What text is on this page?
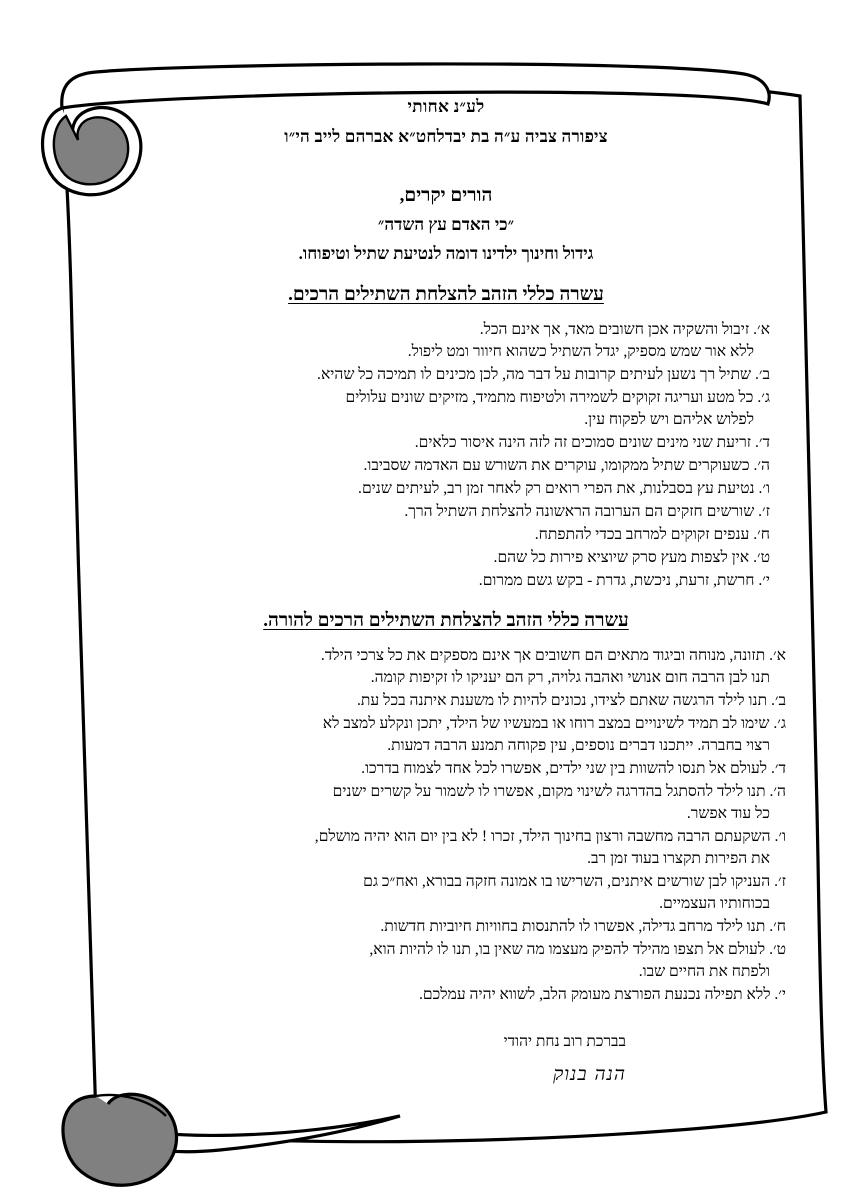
לע״נ אחותי
ציפורה צביה ע״ה בת יבדלחט״א אברהם לייב הי״ו
הורים יקרים,
״כי האדם עץ השדה״
גידול וחינוך ילדינו דומה לנטיעת שתיל וטיפוחו.
עשרה כללי הזהב להצלחת השתילים הרכים.
א׳. זיבול והשקיה אכן חשובים מאד, אך אינם הכל.
ללא אור שמש מספיק, יגדל השתיל כשהוא חיוור ומט ליפול.
ב׳. שתיל רך נשען לעיתים קרובות על דבר מה, לכן מכינים לו תמיכה כל שהיא.
ג׳. כל מטע ועריגה זקוקים לשמירה ולטיפוח מתמיד, מזיקים שונים עלולים
לפלוש אליהם ויש לפקוח עין.
ד׳. זריעת שני מינים שונים סמוכים זה לזה הינה איסור כלאים.
ה׳. כשעוקרים שתיל ממקומו, עוקרים את השורש עם האדמה שסביבו.
ו׳. נטיעת עץ בסבלנות, את הפרי רואים רק לאחר זמן רב, לעיתים שנים.
ז׳. שורשים חזקים הם הערובה הראשונה להצלחת השתיל הרך.
ח׳. ענפים זקוקים למרחב בכדי להתפתח.
ט׳. אין לצפות מעץ סרק שיוציא פירות כל שהם.
י׳. חרשת, זרעת, ניכשת, גדרת - בקש גשם ממרום.
עשרה כללי הזהב להצלחת השתילים הרכים להורה.
א׳. תזונה, מנוחה וביגוד מתאים הם חשובים אך אינם מספקים את כל צרכי הילד.
תנו לבן הרבה חום אנושי ואהבה גלויה, רק הם יעניקו לו זקיפות קומה.
ב׳. תנו לילד הרגשה שאתם לצידו, נכונים להיות לו משענת איתנה בכל עת.
ג׳. שימו לב תמיד לשינויים במצב רוחו או במעשיו של הילד, יתכן ונקלע למצב לא
רצוי בחברה. ייתכנו דברים נוספים, עין פקוחה תמנע הרבה דמעות.
ד׳. לעולם אל תנסו להשוות בין שני ילדים, אפשרו לכל אחד לצמוח בדרכו.
ה׳. תנו לילד להסתגל בהדרגה לשינוי מקום, אפשרו לו לשמור על קשרים ישנים
כל עוד אפשר.
ו׳. השקעתם הרבה מחשבה ורצון בחינוך הילד, זכרו ! לא בין יום הוא יהיה מושלם,
את הפירות תקצרו בעוד זמן רב.
ז׳. העניקו לבן שורשים איתנים, השרישו בו אמונה חזקה בבורא, ואח״כ גם
בכוחותיו העצמיים.
ח׳. תנו לילד מרחב גדילה, אפשרו לו להתנסות בחוויות חיוביות חדשות.
ט׳. לעולם אל תצפו מהילד להפיק מעצמו מה שאין בו, תנו לו להיות הוא,
ולפתח את החיים שבו.
י׳. ללא תפילה נכנעת הפורצת מעומק הלב, לשווא יהיה עמלכם.
בברכת רוב נחת יהודי
הנה בנוק
